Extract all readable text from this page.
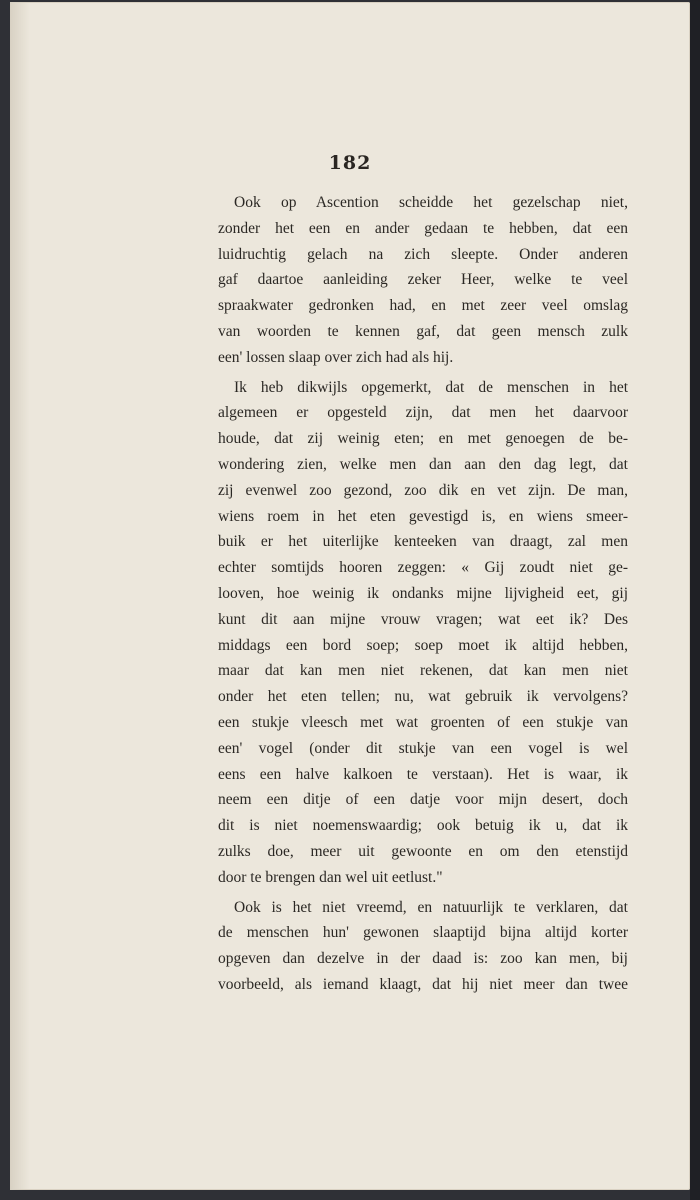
182
Ook op Ascention scheidde het gezelschap niet,
zonder het een en ander gedaan te hebben, dat een
luidruchtig gelach na zich sleepte. Onder anderen
gaf daartoe aanleiding zeker Heer, welke te veel
spraakwater gedronken had, en met zeer veel omslag
van woorden te kennen gaf, dat geen mensch zulk
een' lossen slaap over zich had als hij.
Ik heb dikwijls opgemerkt, dat de menschen in het
algemeen er opgesteld zijn, dat men het daarvoor
houde, dat zij weinig eten; en met genoegen de be-
wondering zien, welke men dan aan den dag legt, dat
zij evenwel zoo gezond, zoo dik en vet zijn. De man,
wiens roem in het eten gevestigd is, en wiens smeer-
buik er het uiterlijke kenteeken van draagt, zal men
echter somtijds hooren zeggen: « Gij zoudt niet ge-
looven, hoe weinig ik ondanks mijne lijvigheid eet, gij
kunt dit aan mijne vrouw vragen; wat eet ik? Des
middags een bord soep; soep moet ik altijd hebben,
maar dat kan men niet rekenen, dat kan men niet
onder het eten tellen; nu, wat gebruik ik vervolgens?
een stukje vleesch met wat groenten of een stukje van
een' vogel (onder dit stukje van een vogel is wel
eens een halve kalkoen te verstaan). Het is waar, ik
neem een ditje of een datje voor mijn desert, doch
dit is niet noemenswaardig; ook betuig ik u, dat ik
zulks doe, meer uit gewoonte en om den etenstijd
door te brengen dan wel uit eetlust."
Ook is het niet vreemd, en natuurlijk te verklaren, dat
de menschen hun' gewonen slaaptijd bijna altijd korter
opgeven dan dezelve in der daad is: zoo kan men, bij
voorbeeld, als iemand klaagt, dat hij niet meer dan twee
